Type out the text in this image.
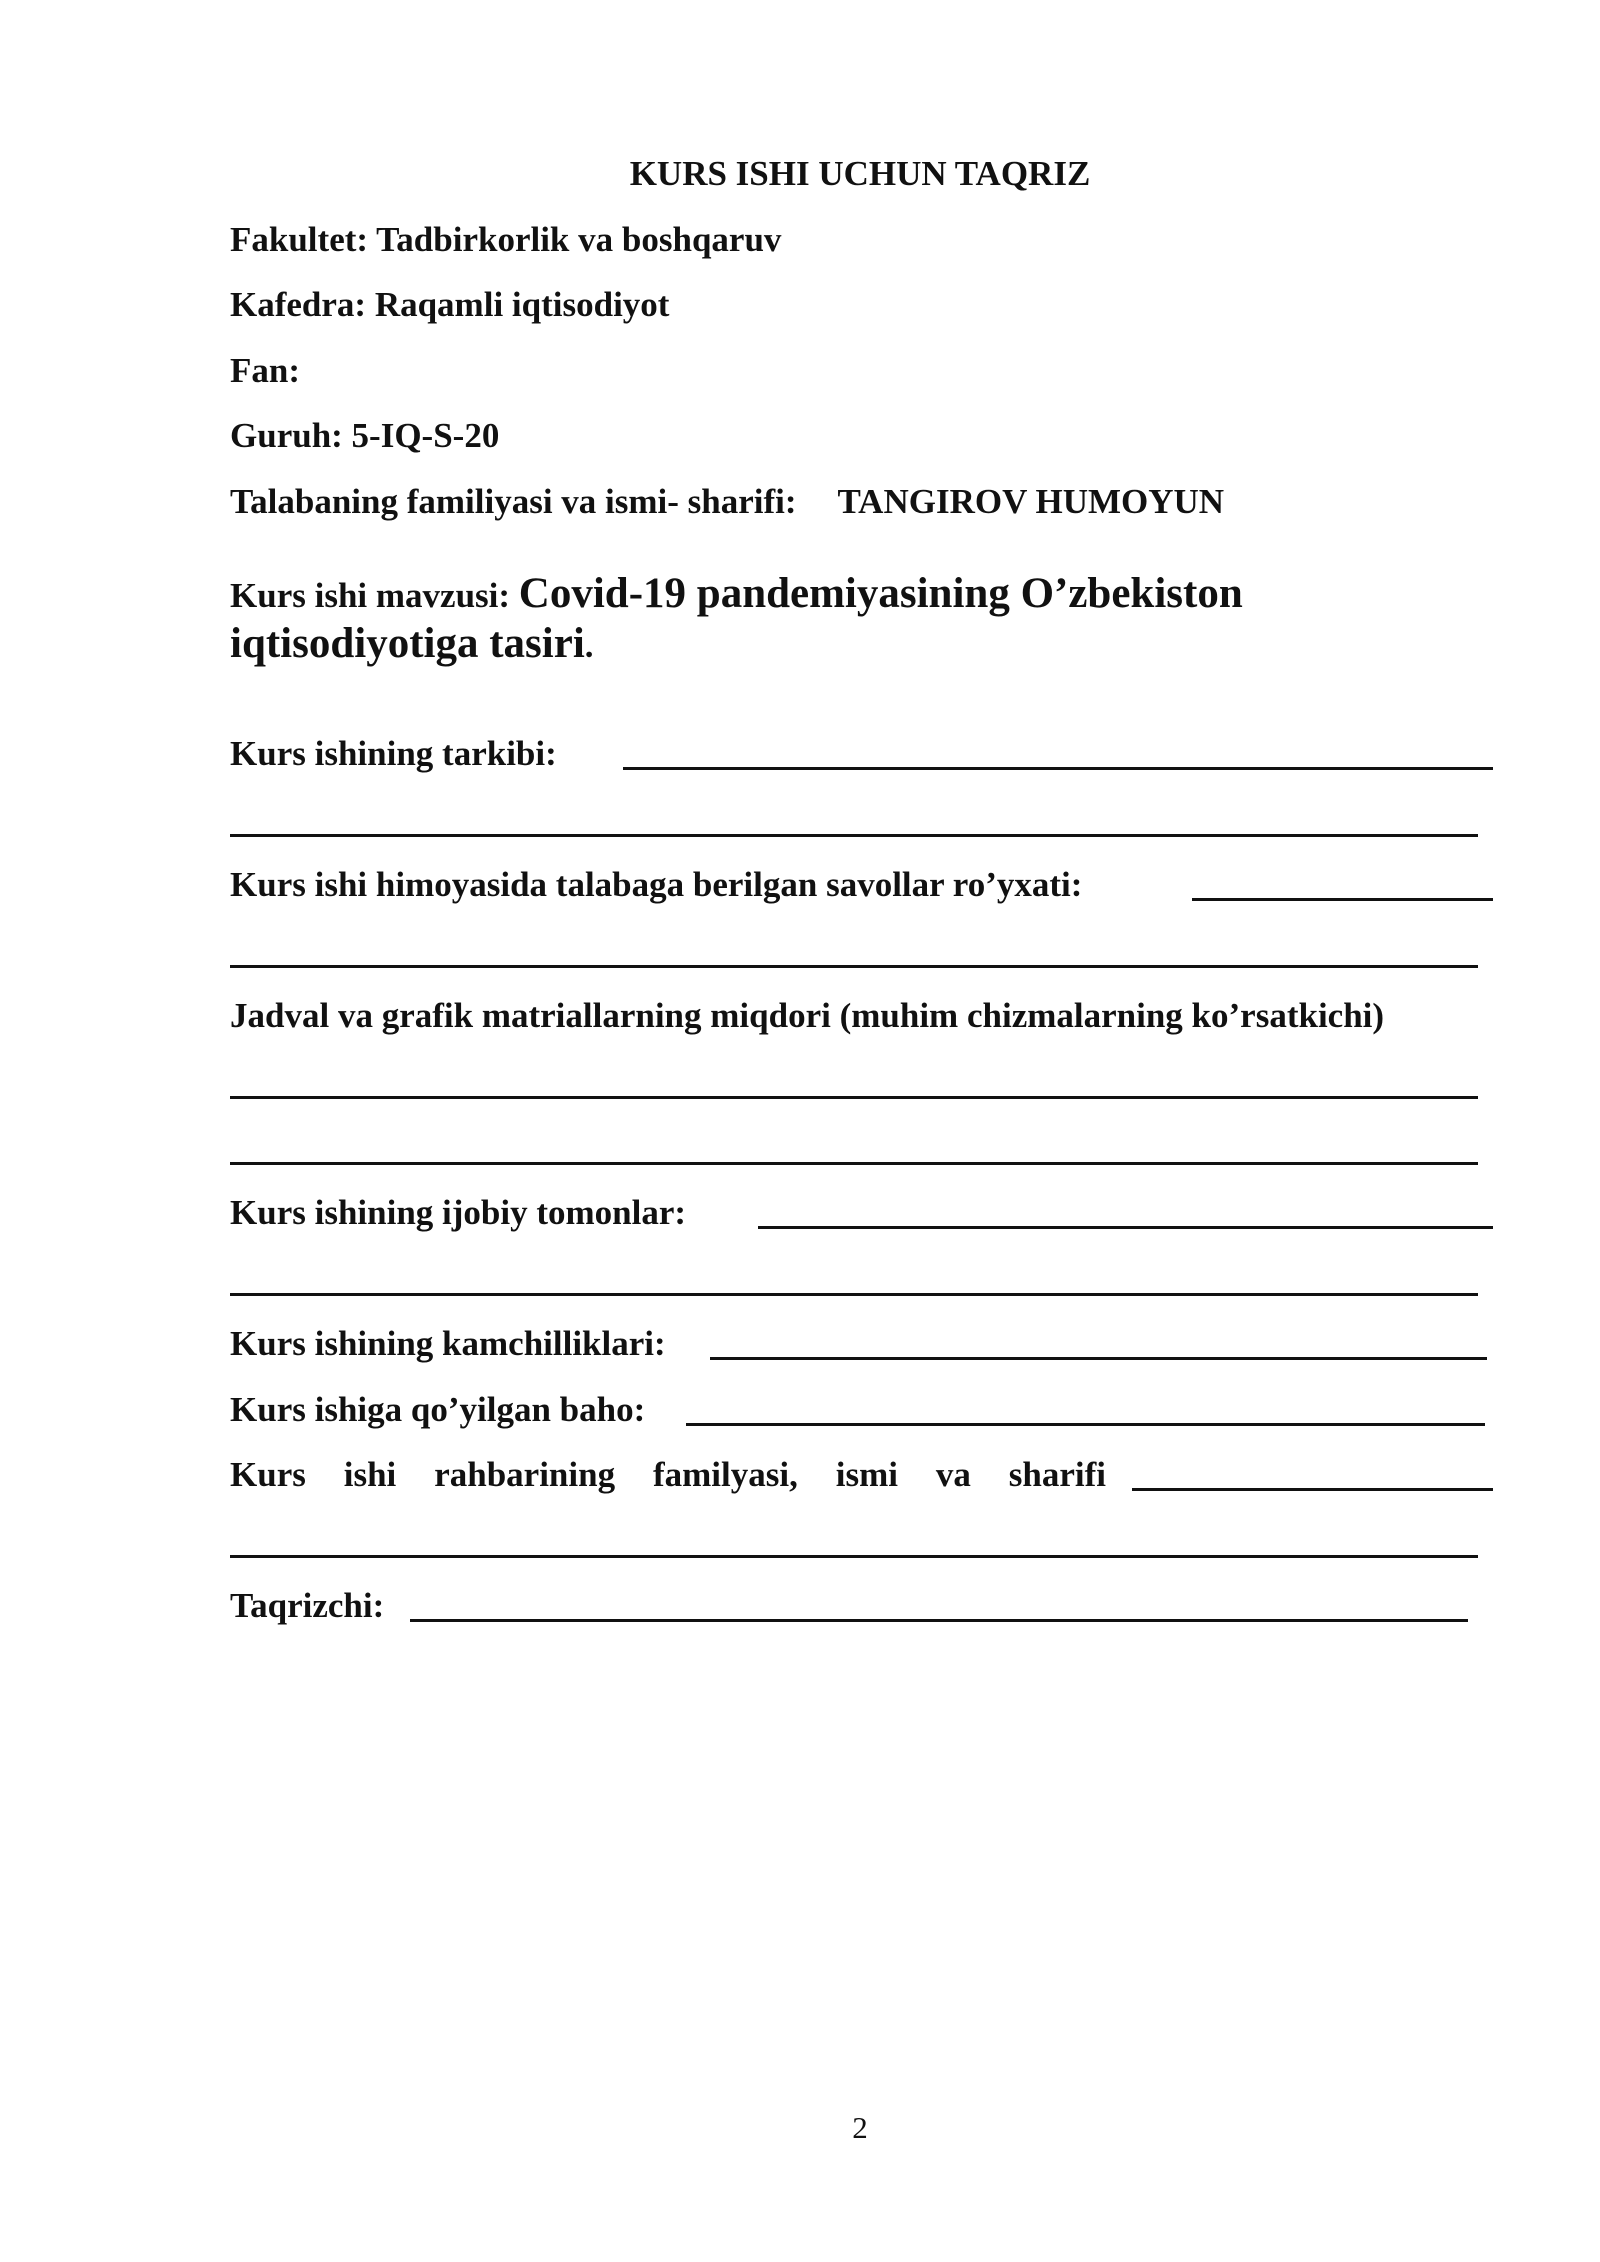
KURS ISHI UCHUN TAQRIZ
Fakultet: Tadbirkorlik va boshqaruv
Kafedra: Raqamli iqtisodiyot
Fan:
Guruh: 5-IQ-S-20
Talabaning familiyasi va ismi- sharifi: TANGIROV HUMOYUN
Kurs ishi mavzusi: Covid-19 pandemiyasining O’zbekiston
iqtisodiyotiga tasiri.
Kurs ishining tarkibi:
Kurs ishi himoyasida talabaga berilgan savollar ro’yxati:
Jadval va grafik matriallarning miqdori (muhim chizmalarning ko’rsatkichi)
Kurs ishining ijobiy tomonlar:
Kurs ishining kamchilliklari:
Kurs ishiga qo’yilgan baho:
Kurs ishi rahbarining familyasi, ismi va sharifi
Taqrizchi:
2
